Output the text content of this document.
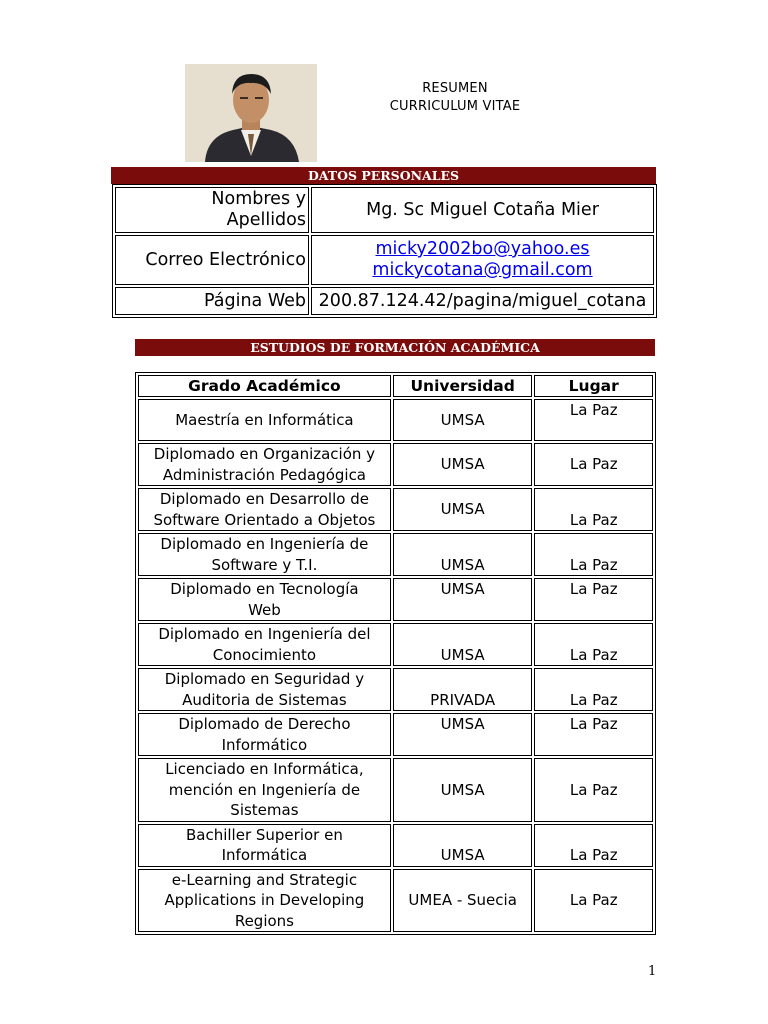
RESUMEN
CURRICULUM VITAE
DATOS PERSONALES
Nombres y
Apellidos	Mg. Sc Miguel Cotaña Mier
Correo Electrónico	micky2002bo@yahoo.es
mickycotana@gmail.com

Página Web	200.87.124.42/pagina/miguel_cotana
ESTUDIOS DE FORMACIÓN ACADÉMICA
Grado Académico	Universidad	Lugar

Maestría en Informática	UMSA	La Paz

Diplomado en Organización y
Administración Pedagógica	UMSA	La Paz

Diplomado en Desarrollo de
Software Orientado a Objetos	UMSA	La Paz

Diplomado en Ingeniería de
Software y T.I.	UMSA	La Paz

Diplomado en Tecnología
Web	UMSA	La Paz

Diplomado en Ingeniería del
Conocimiento	UMSA	La Paz

Diplomado en Seguridad y
Auditoria de Sistemas	PRIVADA	La Paz

Diplomado de Derecho
Informático	UMSA	La Paz

Licenciado en Informática,
mención en Ingeniería de
Sistemas	UMSA	La Paz

Bachiller Superior en
Informática	UMSA	La Paz

e-Learning and Strategic
Applications in Developing
Regions	UMEA - Suecia	La Paz
1
